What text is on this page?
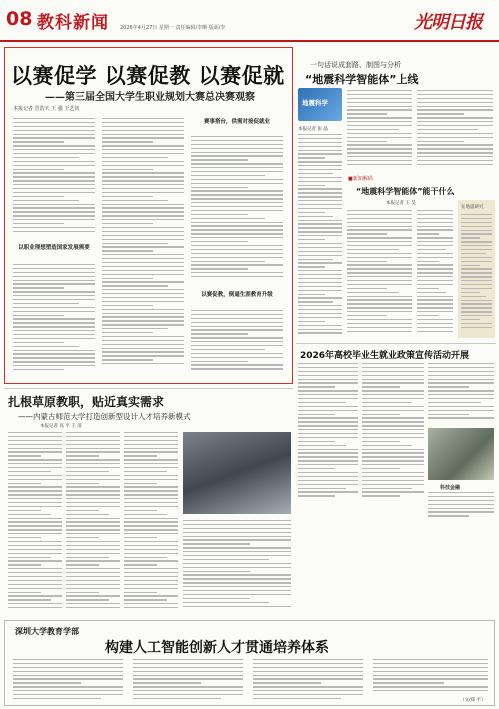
08 教科新闻 2026年4月27日 星期一 责任编辑/李晰 版面/李	光明日报
以赛促学 以赛促教 以赛促就
——第三届全国大学生职业规划大赛总决赛观察
本报记者 晋浩天 王 强 王艺钊
以职业理想塑造国家发展需要
赛事搭台，供需对接促就业
以赛促教，倒逼生涯教育升级
一句话说成套路、制图与分析
“地震科学智能体”上线
地震科学
本报记者 张 晶
■新知解码
“地震科学智能体”能干什么
本报记者 王 昊
在地震研究
2026年高校毕业生就业政策宣传活动开展
科技金融
扎根草原教职，贴近真实需求
——内蒙古师范大学打造创新型设计人才培养新模式
本报记者 高 平 王 清
深圳大学教育学部
构建人工智能创新人才贯通培养体系
（文/郑 平）
